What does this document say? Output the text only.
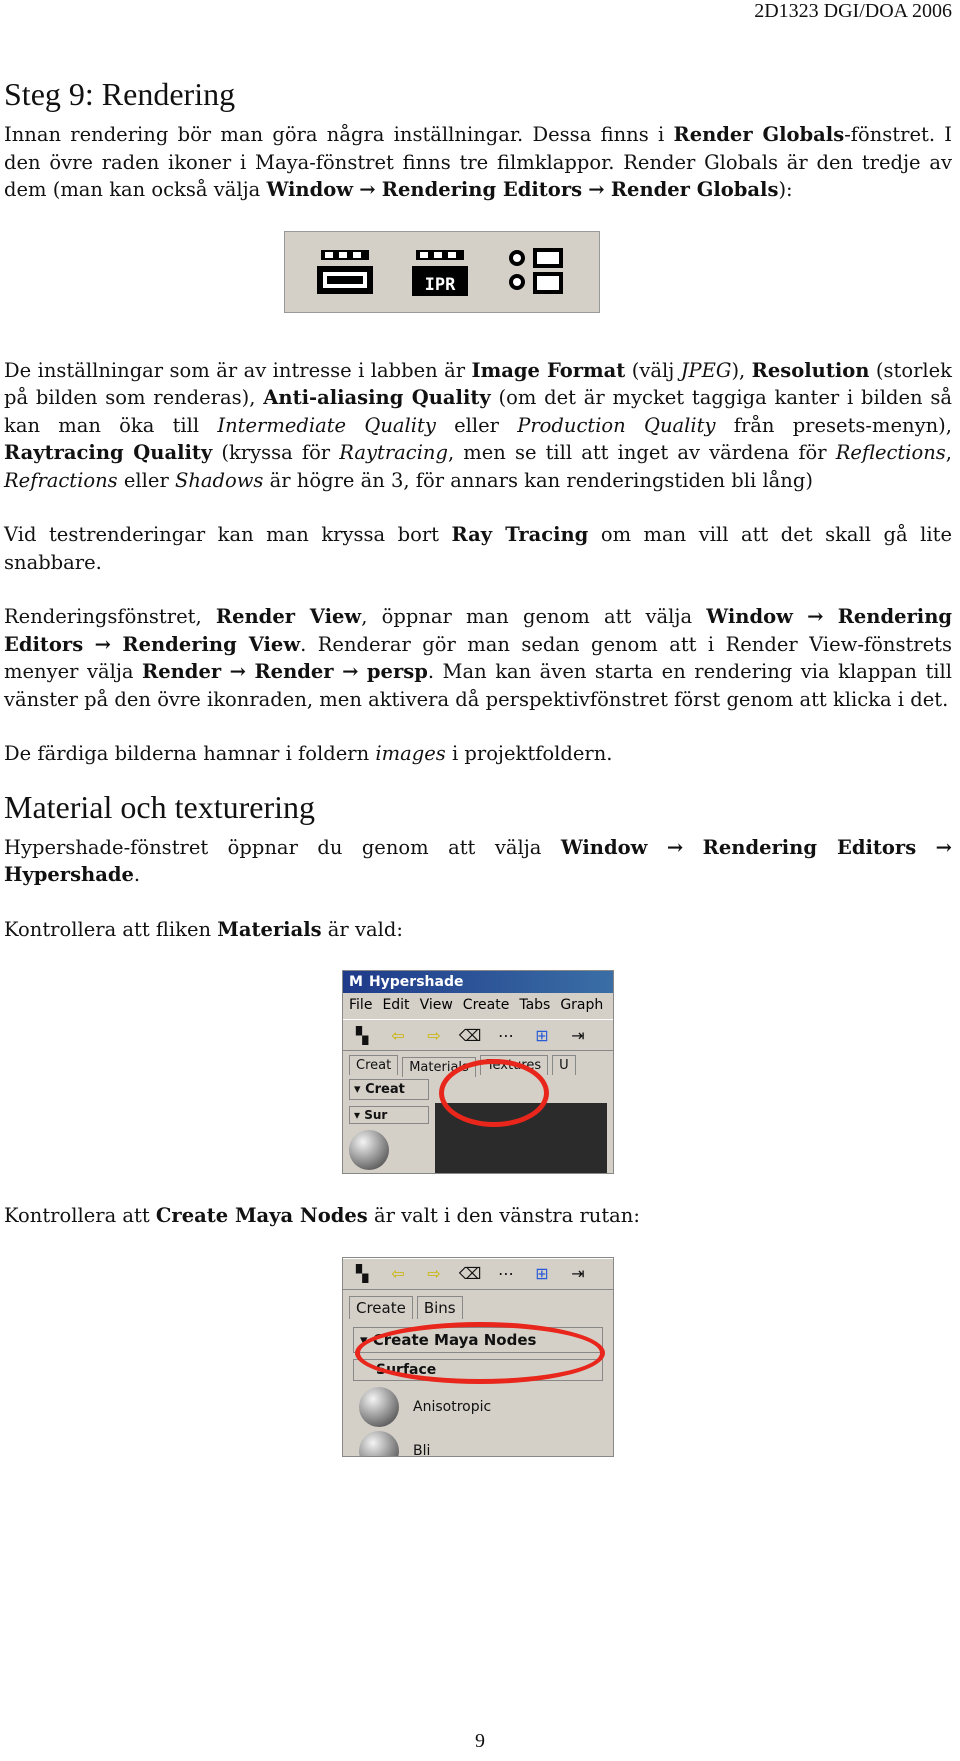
2D1323 DGI/DOA 2006
Steg 9: Rendering

Innan rendering bör man göra några inställningar. Dessa finns i Render Globals-fönstret. I den övre raden ikoner i Maya-fönstret finns tre filmklappor. Render Globals är den tredje av dem (man kan också välja Window → Rendering Editors → Render Globals):

IPR

De inställningar som är av intresse i labben är Image Format (välj JPEG), Resolution (storlek på bilden som renderas), Anti-aliasing Quality (om det är mycket taggiga kanter i bilden så kan man öka till Intermediate Quality eller Production Quality från presets-menyn), Raytracing Quality (kryssa för Raytracing, men se till att inget av värdena för Reflections, Refractions eller Shadows är högre än 3, för annars kan renderingstiden bli lång)

Vid testrenderingar kan man kryssa bort Ray Tracing om man vill att det skall gå lite snabbare.

Renderingsfönstret, Render View, öppnar man genom att välja Window → Rendering Editors → Rendering View. Renderar gör man sedan genom att i Render View-fönstrets menyer välja Render → Render → persp. Man kan även starta en rendering via klappan till vänster på den övre ikonraden, men aktivera då perspektivfönstret först genom att klicka i det.

De färdiga bilderna hamnar i foldern images i projektfoldern.

Material och texturering

Hypershade-fönstret öppnar du genom att välja Window → Rendering Editors → Hypershade.

Kontrollera att fliken Materials är vald:

M Hypershade
File Edit View Create Tabs Graph
▚	⇦ ⇨ ⌫ ⋯ ⊞ ⇥
Creat	Materials	Textures	U
▾ Creat
▾ Sur

Kontrollera att Create Maya Nodes är valt i den vänstra rutan:

▚	⇦ ⇨ ⌫ ⋯ ⊞ ⇥
Create	Bins
▾ Create Maya Nodes
Surface
Anisotropic
Bli
9
